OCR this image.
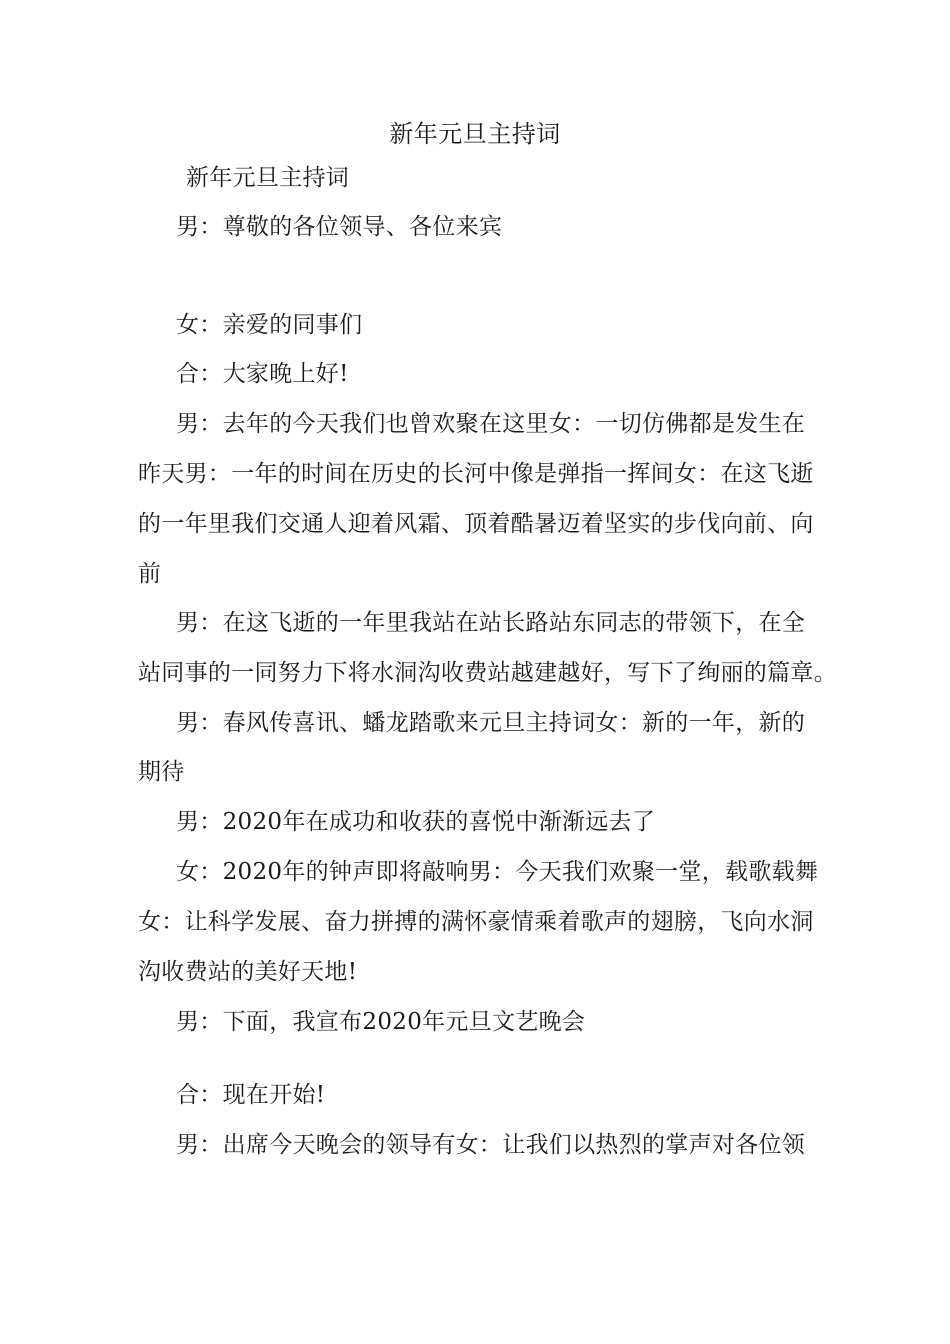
新年元旦主持词
新年元旦主持词
男：尊敬的各位领导、各位来宾
女：亲爱的同事们
合：大家晚上好!
男：去年的今天我们也曾欢聚在这里女：一切仿佛都是发生在
昨天男：一年的时间在历史的长河中像是弹指一挥间女：在这飞逝
的一年里我们交通人迎着风霜、顶着酷暑迈着坚实的步伐向前、向
前
男：在这飞逝的一年里我站在站长路站东同志的带领下，在全
站同事的一同努力下将水洞沟收费站越建越好，写下了绚丽的篇章。
男：春风传喜讯、蟠龙踏歌来元旦主持词女：新的一年，新的
期待
男：2020年在成功和收获的喜悦中渐渐远去了
女：2020年的钟声即将敲响男：今天我们欢聚一堂，载歌载舞
女：让科学发展、奋力拼搏的满怀豪情乘着歌声的翅膀，飞向水洞
沟收费站的美好天地!
男：下面，我宣布2020年元旦文艺晚会
合：现在开始!
男：出席今天晚会的领导有女：让我们以热烈的掌声对各位领
